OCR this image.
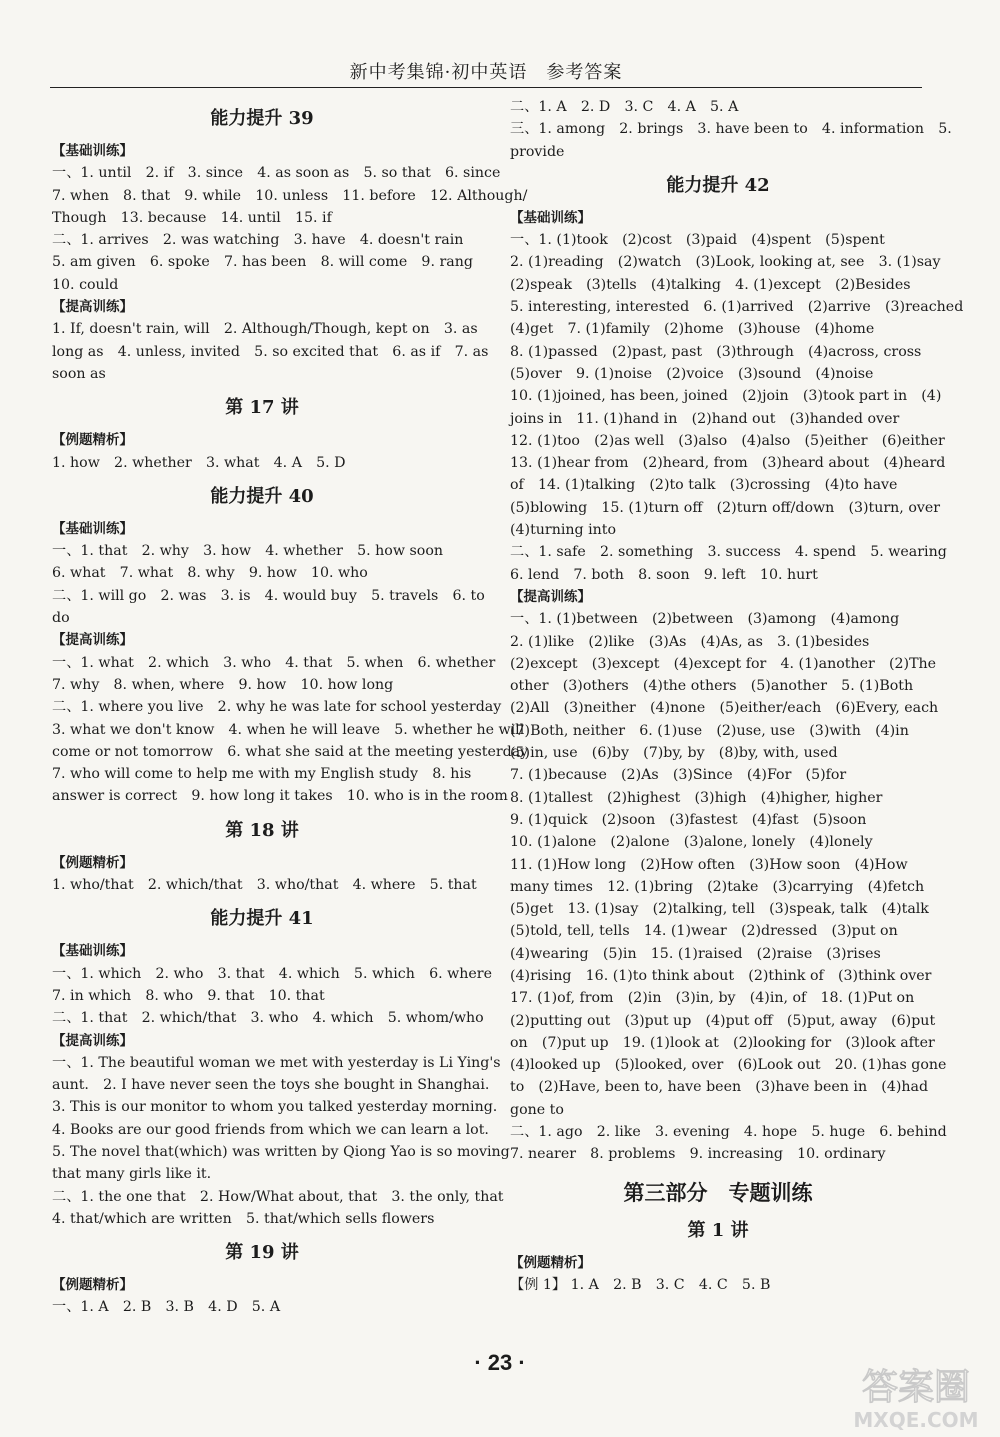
新中考集锦·初中英语　参考答案
能力提升 39
【基础训练】
一、1. until　2. if　3. since　4. as soon as　5. so that　6. since
7. when　8. that　9. while　10. unless　11. before　12. Although/
Though　13. because　14. until　15. if
二、1. arrives　2. was watching　3. have　4. doesn't rain
5. am given　6. spoke　7. has been　8. will come　9. rang
10. could
【提高训练】
1. If, doesn't rain, will　2. Although/Though, kept on　3. as
long as　4. unless, invited　5. so excited that　6. as if　7. as
soon as
第 17 讲
【例题精析】
1. how　2. whether　3. what　4. A　5. D
能力提升 40
【基础训练】
一、1. that　2. why　3. how　4. whether　5. how soon
6. what　7. what　8. why　9. how　10. who
二、1. will go　2. was　3. is　4. would buy　5. travels　6. to
do
【提高训练】
一、1. what　2. which　3. who　4. that　5. when　6. whether
7. why　8. when, where　9. how　10. how long
二、1. where you live　2. why he was late for school yesterday
3. what we don't know　4. when he will leave　5. whether he will
come or not tomorrow　6. what she said at the meeting yesterday
7. who will come to help me with my English study　8. his
answer is correct　9. how long it takes　10. who is in the room
第 18 讲
【例题精析】
1. who/that　2. which/that　3. who/that　4. where　5. that
能力提升 41
【基础训练】
一、1. which　2. who　3. that　4. which　5. which　6. where
7. in which　8. who　9. that　10. that
二、1. that　2. which/that　3. who　4. which　5. whom/who
【提高训练】
一、1. The beautiful woman we met with yesterday is Li Ying's
aunt.　2. I have never seen the toys she bought in Shanghai.
3. This is our monitor to whom you talked yesterday morning.
4. Books are our good friends from which we can learn a lot.
5. The novel that(which) was written by Qiong Yao is so moving
that many girls like it.
二、1. the one that　2. How/What about, that　3. the only, that
4. that/which are written　5. that/which sells flowers
第 19 讲
【例题精析】
一、1. A　2. B　3. B　4. D　5. A
二、1. A　2. D　3. C　4. A　5. A
三、1. among　2. brings　3. have been to　4. information　5.
provide
能力提升 42
【基础训练】
一、1. (1)took　(2)cost　(3)paid　(4)spent　(5)spent
2. (1)reading　(2)watch　(3)Look, looking at, see　3. (1)say
(2)speak　(3)tells　(4)talking　4. (1)except　(2)Besides
5. interesting, interested　6. (1)arrived　(2)arrive　(3)reached
(4)get　7. (1)family　(2)home　(3)house　(4)home
8. (1)passed　(2)past, past　(3)through　(4)across, cross
(5)over　9. (1)noise　(2)voice　(3)sound　(4)noise
10. (1)joined, has been, joined　(2)join　(3)took part in　(4)
joins in　11. (1)hand in　(2)hand out　(3)handed over
12. (1)too　(2)as well　(3)also　(4)also　(5)either　(6)either
13. (1)hear from　(2)heard, from　(3)heard about　(4)heard
of　14. (1)talking　(2)to talk　(3)crossing　(4)to have
(5)blowing　15. (1)turn off　(2)turn off/down　(3)turn, over
(4)turning into
二、1. safe　2. something　3. success　4. spend　5. wearing
6. lend　7. both　8. soon　9. left　10. hurt
【提高训练】
一、1. (1)between　(2)between　(3)among　(4)among
2. (1)like　(2)like　(3)As　(4)As, as　3. (1)besides
(2)except　(3)except　(4)except for　4. (1)another　(2)The
other　(3)others　(4)the others　(5)another　5. (1)Both
(2)All　(3)neither　(4)none　(5)either/each　(6)Every, each
(7)Both, neither　6. (1)use　(2)use, use　(3)with　(4)in
(5)in, use　(6)by　(7)by, by　(8)by, with, used
7. (1)because　(2)As　(3)Since　(4)For　(5)for
8. (1)tallest　(2)highest　(3)high　(4)higher, higher
9. (1)quick　(2)soon　(3)fastest　(4)fast　(5)soon
10. (1)alone　(2)alone　(3)alone, lonely　(4)lonely
11. (1)How long　(2)How often　(3)How soon　(4)How
many times　12. (1)bring　(2)take　(3)carrying　(4)fetch
(5)get　13. (1)say　(2)talking, tell　(3)speak, talk　(4)talk
(5)told, tell, tells　14. (1)wear　(2)dressed　(3)put on
(4)wearing　(5)in　15. (1)raised　(2)raise　(3)rises
(4)rising　16. (1)to think about　(2)think of　(3)think over
17. (1)of, from　(2)in　(3)in, by　(4)in, of　18. (1)Put on
(2)putting out　(3)put up　(4)put off　(5)put, away　(6)put
on　(7)put up　19. (1)look at　(2)looking for　(3)look after
(4)looked up　(5)looked, over　(6)Look out　20. (1)has gone
to　(2)Have, been to, have been　(3)have been in　(4)had
gone to
二、1. ago　2. like　3. evening　4. hope　5. huge　6. behind
7. nearer　8. problems　9. increasing　10. ordinary
第三部分　专题训练
第 1 讲
【例题精析】
【例 1】 1. A　2. B　3. C　4. C　5. B
· 23 ·
答案圈
MXQE.COM
